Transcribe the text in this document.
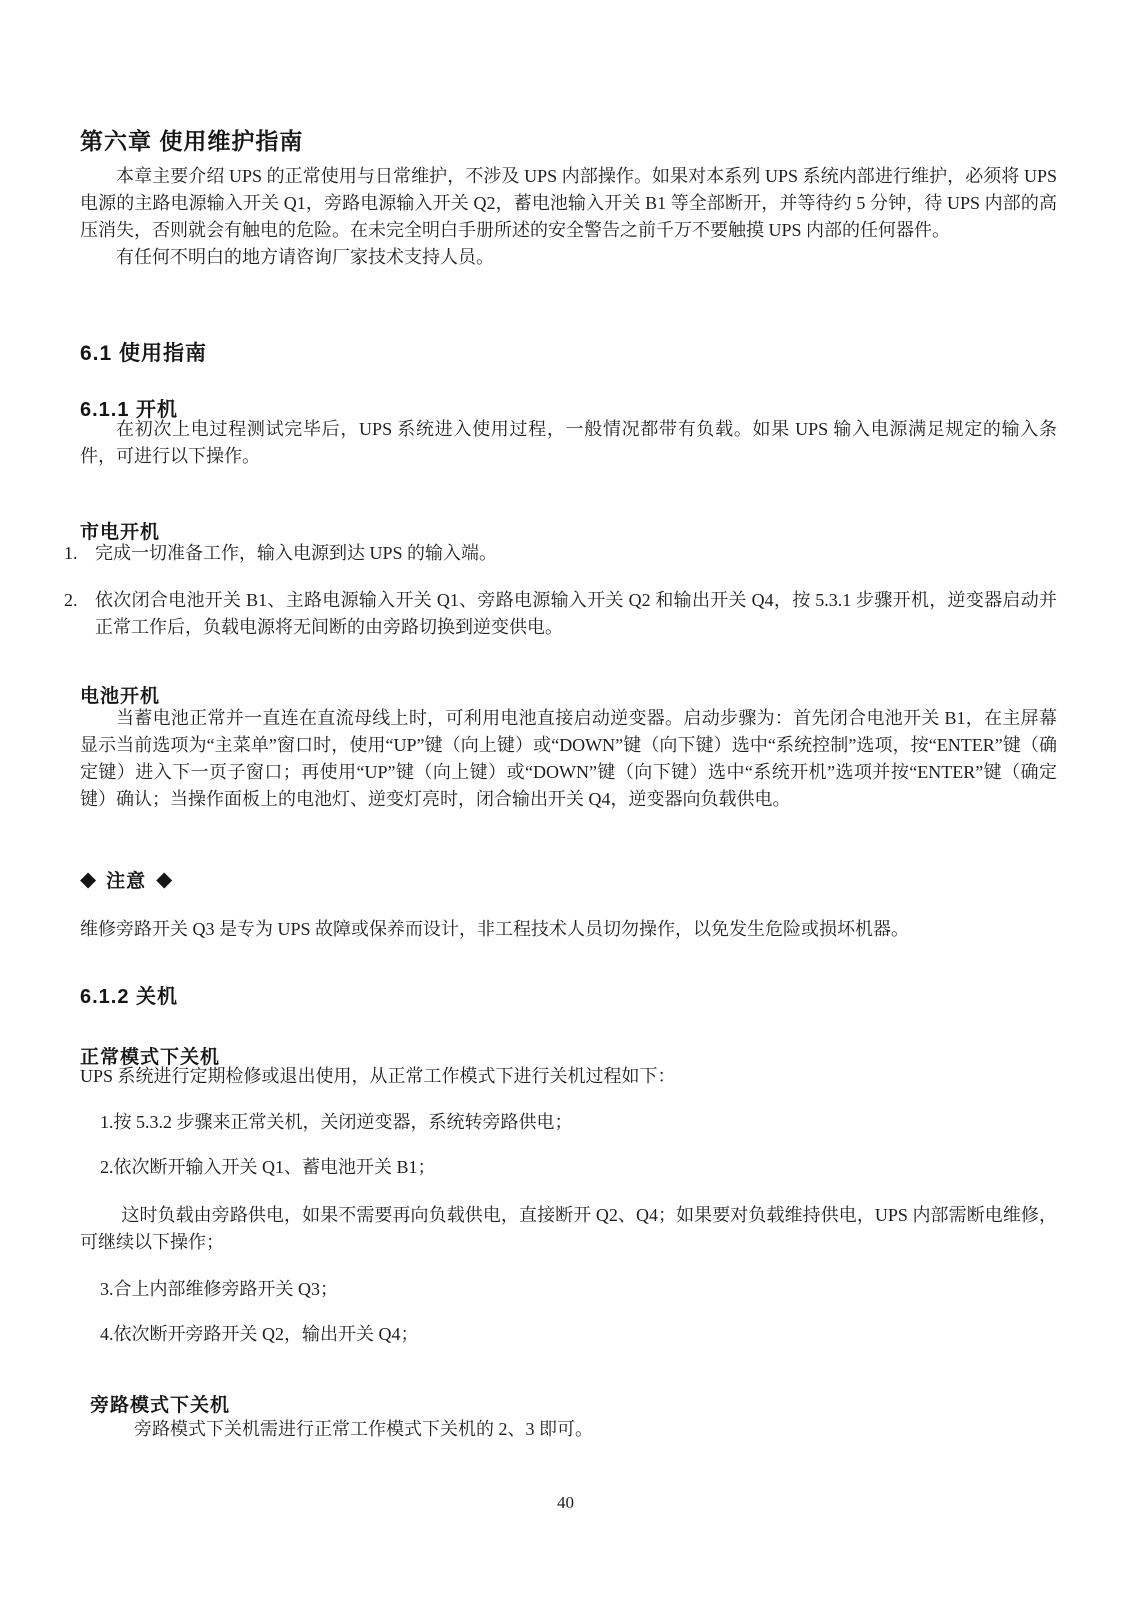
第六章 使用维护指南

本章主要介绍 UPS 的正常使用与日常维护，不涉及 UPS 内部操作。如果对本系列 UPS 系统内部进行维护，必须将 UPS 电源的主路电源输入开关 Q1，旁路电源输入开关 Q2，蓄电池输入开关 B1 等全部断开，并等待约 5 分钟，待 UPS 内部的高压消失，否则就会有触电的危险。在未完全明白手册所述的安全警告之前千万不要触摸 UPS 内部的任何器件。

有任何不明白的地方请咨询厂家技术支持人员。

6.1 使用指南
6.1.1 开机

在初次上电过程测试完毕后，UPS 系统进入使用过程，一般情况都带有负载。如果 UPS 输入电源满足规定的输入条件，可进行以下操作。

市电开机
1. 完成一切准备工作，输入电源到达 UPS 的输入端。
2. 依次闭合电池开关 B1、主路电源输入开关 Q1、旁路电源输入开关 Q2 和输出开关 Q4，按 5.3.1 步骤开机，逆变器启动并正常工作后，负载电源将无间断的由旁路切换到逆变供电。
电池开机

当蓄电池正常并一直连在直流母线上时，可利用电池直接启动逆变器。启动步骤为：首先闭合电池开关 B1，在主屏幕显示当前选项为“主菜单”窗口时，使用“UP”键（向上键）或“DOWN”键（向下键）选中“系统控制”选项，按“ENTER”键（确定键）进入下一页子窗口；再使用“UP”键（向上键）或“DOWN”键（向下键）选中“系统开机”选项并按“ENTER”键（确定键）确认；当操作面板上的电池灯、逆变灯亮时，闭合输出开关 Q4，逆变器向负载供电。

◆ 注意 ◆

维修旁路开关 Q3 是专为 UPS 故障或保养而设计，非工程技术人员切勿操作，以免发生危险或损坏机器。

6.1.2 关机
正常模式下关机

UPS 系统进行定期检修或退出使用，从正常工作模式下进行关机过程如下：

1.按 5.3.2 步骤来正常关机，关闭逆变器，系统转旁路供电；

2.依次断开输入开关 Q1、蓄电池开关 B1；

这时负载由旁路供电，如果不需要再向负载供电，直接断开 Q2、Q4；如果要对负载维持供电，UPS 内部需断电维修，可继续以下操作；

3.合上内部维修旁路开关 Q3；

4.依次断开旁路开关 Q2，输出开关 Q4；

旁路模式下关机

旁路模式下关机需进行正常工作模式下关机的 2、3 即可。

40
